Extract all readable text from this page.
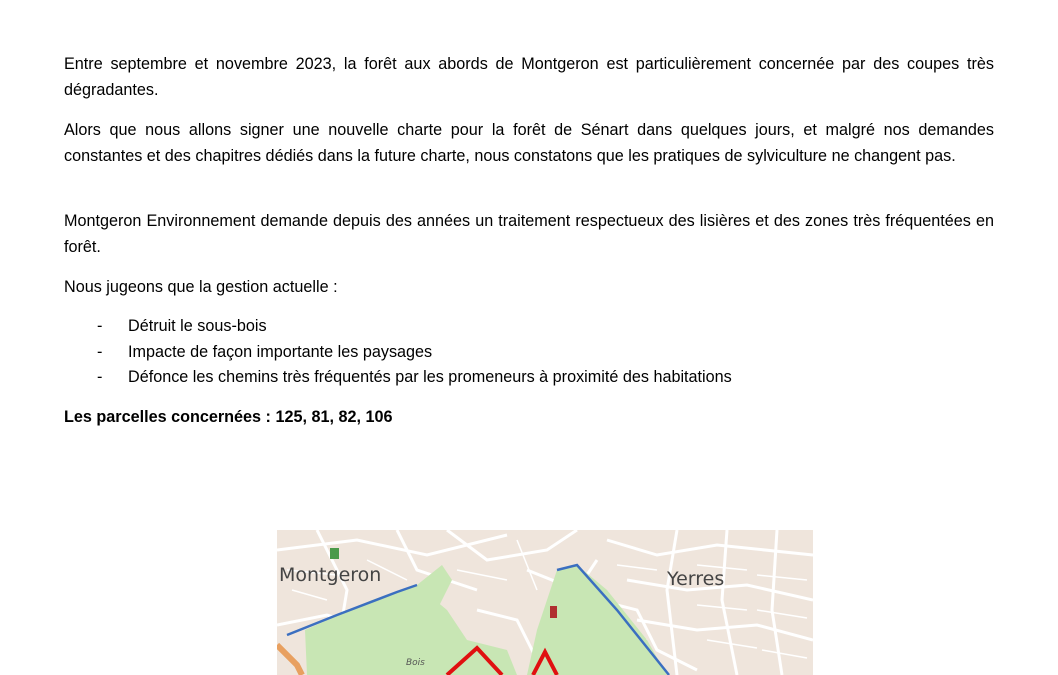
Entre septembre et novembre 2023, la forêt aux abords de Montgeron est particulièrement concernée par des coupes très dégradantes.

Alors que nous allons signer une nouvelle charte pour la forêt de Sénart dans quelques jours, et malgré nos demandes constantes et des chapitres dédiés dans la future charte, nous constatons que les pratiques de sylviculture ne changent pas.

Montgeron Environnement demande depuis des années un traitement respectueux des lisières et des zones très fréquentées en forêt.

Nous jugeons que la gestion actuelle :

- Détruit le sous-bois
- Impacte de façon importante les paysages
- Défonce les chemins très fréquentés par les promeneurs à proximité des habitations

Les parcelles concernées : 125, 81, 82, 106

Montgeron	Yerres
Bois
